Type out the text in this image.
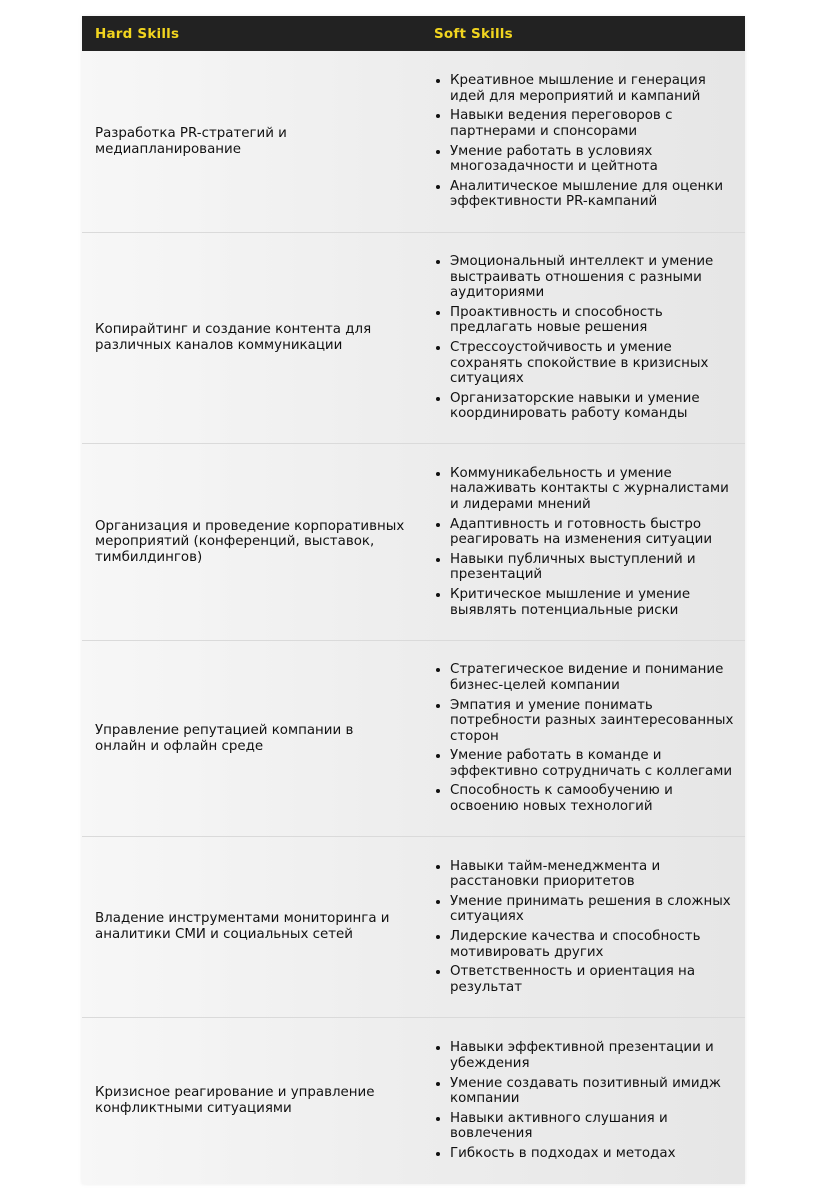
Hard Skills	Soft Skills
Разработка PR-стратегий и медиапланирование
• Креативное мышление и генерация идей для мероприятий и кампаний
• Навыки ведения переговоров с партнерами и спонсорами
• Умение работать в условиях многозадачности и цейтнота
• Аналитическое мышление для оценки эффективности PR-кампаний
Копирайтинг и создание контента для различных каналов коммуникации
• Эмоциональный интеллект и умение выстраивать отношения с разными аудиториями
• Проактивность и способность предлагать новые решения
• Стрессоустойчивость и умение сохранять спокойствие в кризисных ситуациях
• Организаторские навыки и умение координировать работу команды
Организация и проведение корпоративных мероприятий (конференций, выставок, тимбилдингов)
• Коммуникабельность и умение налаживать контакты с журналистами и лидерами мнений
• Адаптивность и готовность быстро реагировать на изменения ситуации
• Навыки публичных выступлений и презентаций
• Критическое мышление и умение выявлять потенциальные риски
Управление репутацией компании в онлайн и офлайн среде
• Стратегическое видение и понимание бизнес-целей компании
• Эмпатия и умение понимать потребности разных заинтересованных сторон
• Умение работать в команде и эффективно сотрудничать с коллегами
• Способность к самообучению и освоению новых технологий
Владение инструментами мониторинга и аналитики СМИ и социальных сетей
• Навыки тайм-менеджмента и расстановки приоритетов
• Умение принимать решения в сложных ситуациях
• Лидерские качества и способность мотивировать других
• Ответственность и ориентация на результат
Кризисное реагирование и управление конфликтными ситуациями
• Навыки эффективной презентации и убеждения
• Умение создавать позитивный имидж компании
• Навыки активного слушания и вовлечения
• Гибкость в подходах и методах
